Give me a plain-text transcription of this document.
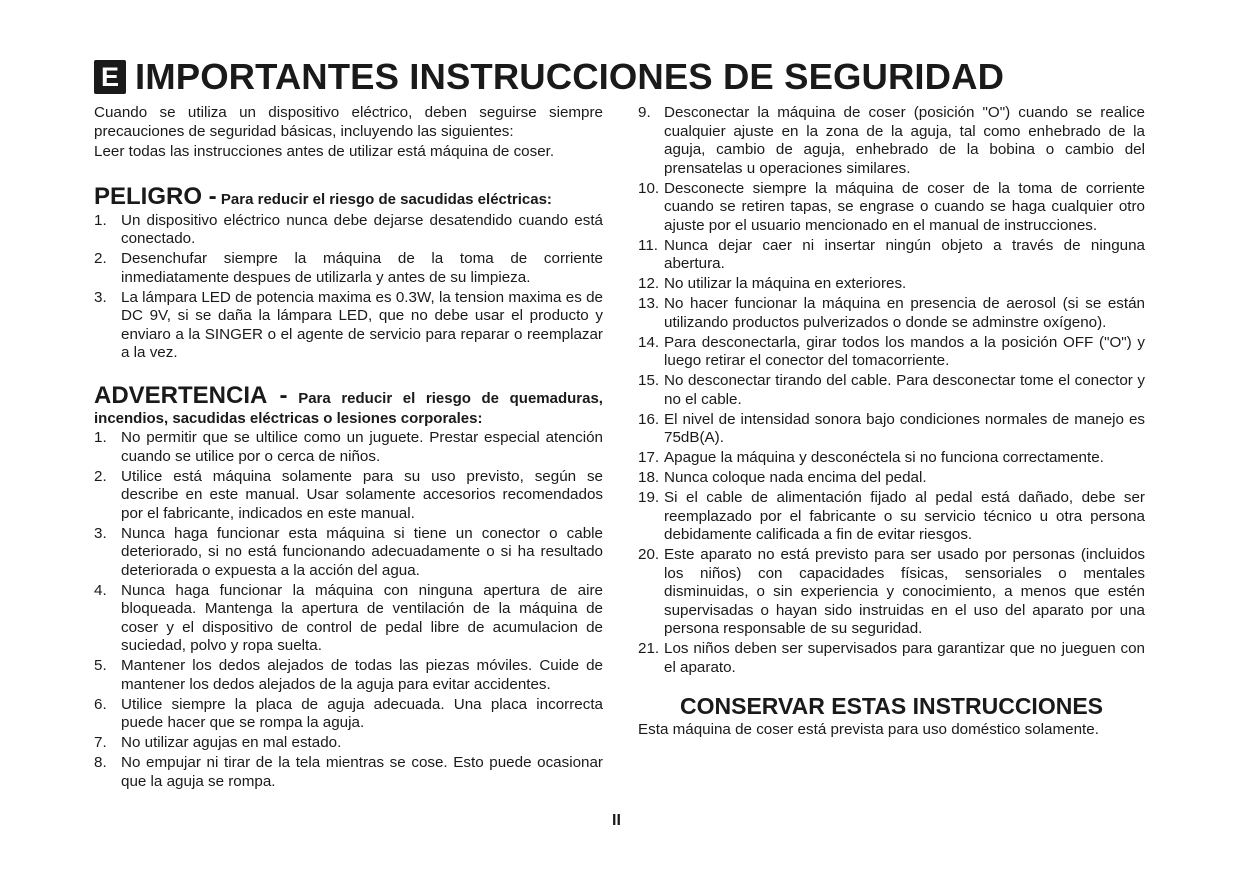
E IMPORTANTES INSTRUCCIONES DE SEGURIDAD

Cuando se utiliza un dispositivo eléctrico, deben seguirse siempre precauciones de seguridad básicas, incluyendo las siguientes:

Leer todas las instrucciones antes de utilizar está máquina de coser.

PELIGRO - Para reducir el riesgo de sacudidas eléctricas:
1. Un dispositivo eléctrico nunca debe dejarse desatendido cuando está conectado.
2. Desenchufar siempre la máquina de la toma de corriente inmediatamente despues de utilizarla y antes de su limpieza.
3. La lámpara LED de potencia maxima es 0.3W, la tension maxima es de DC 9V, si se daña la lámpara LED, que no debe usar el producto y enviaro a la SINGER o el agente de servicio para reparar o reemplazar a la vez.
ADVERTENCIA - Para reducir el riesgo de quemaduras, incendios, sacudidas eléctricas o lesiones corporales:
1. No permitir que se ultilice como un juguete. Prestar especial atención cuando se utilice por o cerca de niños.
2. Utilice está máquina solamente para su uso previsto, según se describe en este manual. Usar solamente accesorios recomendados por el fabricante, indicados en este manual.
3. Nunca haga funcionar esta máquina si tiene un conector o cable deteriorado, si no está funcionando adecuadamente o si ha resultado deteriorada o expuesta a la acción del agua.
4. Nunca haga funcionar la máquina con ninguna apertura de aire bloqueada. Mantenga la apertura de ventilación de la máquina de coser y el dispositivo de control de pedal libre de acumulacion de suciedad, polvo y ropa suelta.
5. Mantener los dedos alejados de todas las piezas móviles. Cuide de mantener los dedos alejados de la aguja para evitar accidentes.
6. Utilice siempre la placa de aguja adecuada. Una placa incorrecta puede hacer que se rompa la aguja.
7. No utilizar agujas en mal estado.
8. No empujar ni tirar de la tela mientras se cose. Esto puede ocasionar que la aguja se rompa.
9. Desconectar la máquina de coser (posición "O") cuando se realice cualquier ajuste en la zona de la aguja, tal como enhebrado de la aguja, cambio de aguja, enhebrado de la bobina o cambio del prensatelas u operaciones similares.
10. Desconecte siempre la máquina de coser de la toma de corriente cuando se retiren tapas, se engrase o cuando se haga cualquier otro ajuste por el usuario mencionado en el manual de instrucciones.
11. Nunca dejar caer ni insertar ningún objeto a través de ninguna abertura.
12. No utilizar la máquina en exteriores.
13. No hacer funcionar la máquina en presencia de aerosol (si se están utilizando productos pulverizados o donde se adminstre oxígeno).
14. Para desconectarla, girar todos los mandos a la posición OFF ("O") y luego retirar el conector del tomacorriente.
15. No desconectar tirando del cable. Para desconectar tome el conector y no el cable.
16. El nivel de intensidad sonora bajo condiciones normales de manejo es 75dB(A).
17. Apague la máquina y desconéctela si no funciona correctamente.
18. Nunca coloque nada encima del pedal.
19. Si el cable de alimentación fijado al pedal está dañado, debe ser reemplazado por el fabricante o su servicio técnico u otra persona debidamente calificada a fin de evitar riesgos.
20. Este aparato no está previsto para ser usado por personas (incluidos los niños) con capacidades físicas, sensoriales o mentales disminuidas, o sin experiencia y conocimiento, a menos que estén supervisadas o hayan sido instruidas en el uso del aparato por una persona responsable de su seguridad.
21. Los niños deben ser supervisados para garantizar que no jueguen con el aparato.
CONSERVAR ESTAS INSTRUCCIONES

Esta máquina de coser está prevista para uso doméstico solamente.

II
